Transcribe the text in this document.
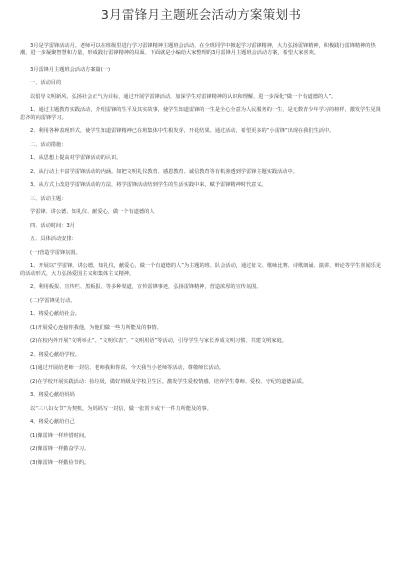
3月雷锋月主题班会活动方案策划书

3月是学雷锋活动月。老师可以在班级里进行学习雷锋精神主题班会活动，在全班同学中掀起学习雷锋精神，大力弘扬雷锋精神，积极践行雷锋精神的热潮，进一步凝聚智慧和力量，形成践行雷锋精神的局面。下面就是小编给大家整理的3月雷锋月主题班会活动方案，希望大家喜欢。

3月雷锋月主题班会活动方案篇(一)

一、活动目的

以倡导文明新风、弘扬社会正气为目标，通过开展学雷锋活动，加深学生对雷锋精神的认识和理解，进一步深化“做一个有道德的人”。

1、通过主题教育实践活动，介绍雷锋的生平及其实故事，使学生知道雷锋的一生是全心全意为人民服务的一生，是无数青少年学习的榜样，激发学生见贤思齐的向雷锋学习。

2、利用各种表现形式，使学生知道雷锋精神已在班集体中生根发芽，开花结果。通过活动，希望更多的“小雷锋”出现在我们生活中。

二、活动措施：

1、从思想上提高对学雷锋活动的认识。

2、从行动上丰富学雷锋活动的内涵。如把文明礼仪教育、感恩教育、诚信教育等有机渗透到学雷锋主题实践活动中。

3、从方式上改进学雷锋活动的方法，将学雷锋活动结到学生的生活实践中来，赋予雷锋精神时代意义。

三、活动主题：

学雷锋、讲公德、知礼仪、献爱心，做一个有道德的人

四、活动时间：3月

五、具体活动安排：

(一)营造学雷锋氛围。

1、开展以“学雷锋，讲公德，知礼仪，献爱心，做一个有道德的人”为主题的班、队会活动，通过征文、歌咏比赛、诗歌朗诵、演讲、辩论等学生喜闻乐见的活动形式，大力弘扬爱国主义和集体主义精神。

2、利用板报、宣传栏、黑板报、等多种渠道，宣传雷锋事迹，弘扬雷锋精神，营造浓厚的宣传氛围。

(二)学雷锋见行动。

1、将爱心献给社会。

(1)开展爱心连接你我他，为他们做一些力所能及的事情。

(2)在校内外开展“文明举止”、“文明仪表”、“文明用语”等活动，引导学生与家长养成文明习惯，共建文明家庭。

2、将爱心献给学校。

(1)通过开展给老师一封信、老师我和你说、今天我当小老师等活动，尊敬师长活动。

(2)在学校开展实践活动：捡垃圾，做好班级及学校卫生区。激发学生爱校情感，培养学生尊师、爱校、守纪的道德品质。

3、将爱心献给妈妈

以“三八妇女节”为契机，为妈妈写一封信，做一张贺卡或干一件力所能及的事。

4、将爱心献给自己

(1)像雷锋一样珍惜时间。

(2)像雷锋一样勤奋学习。

(3)像雷锋一样勤俭节约。
